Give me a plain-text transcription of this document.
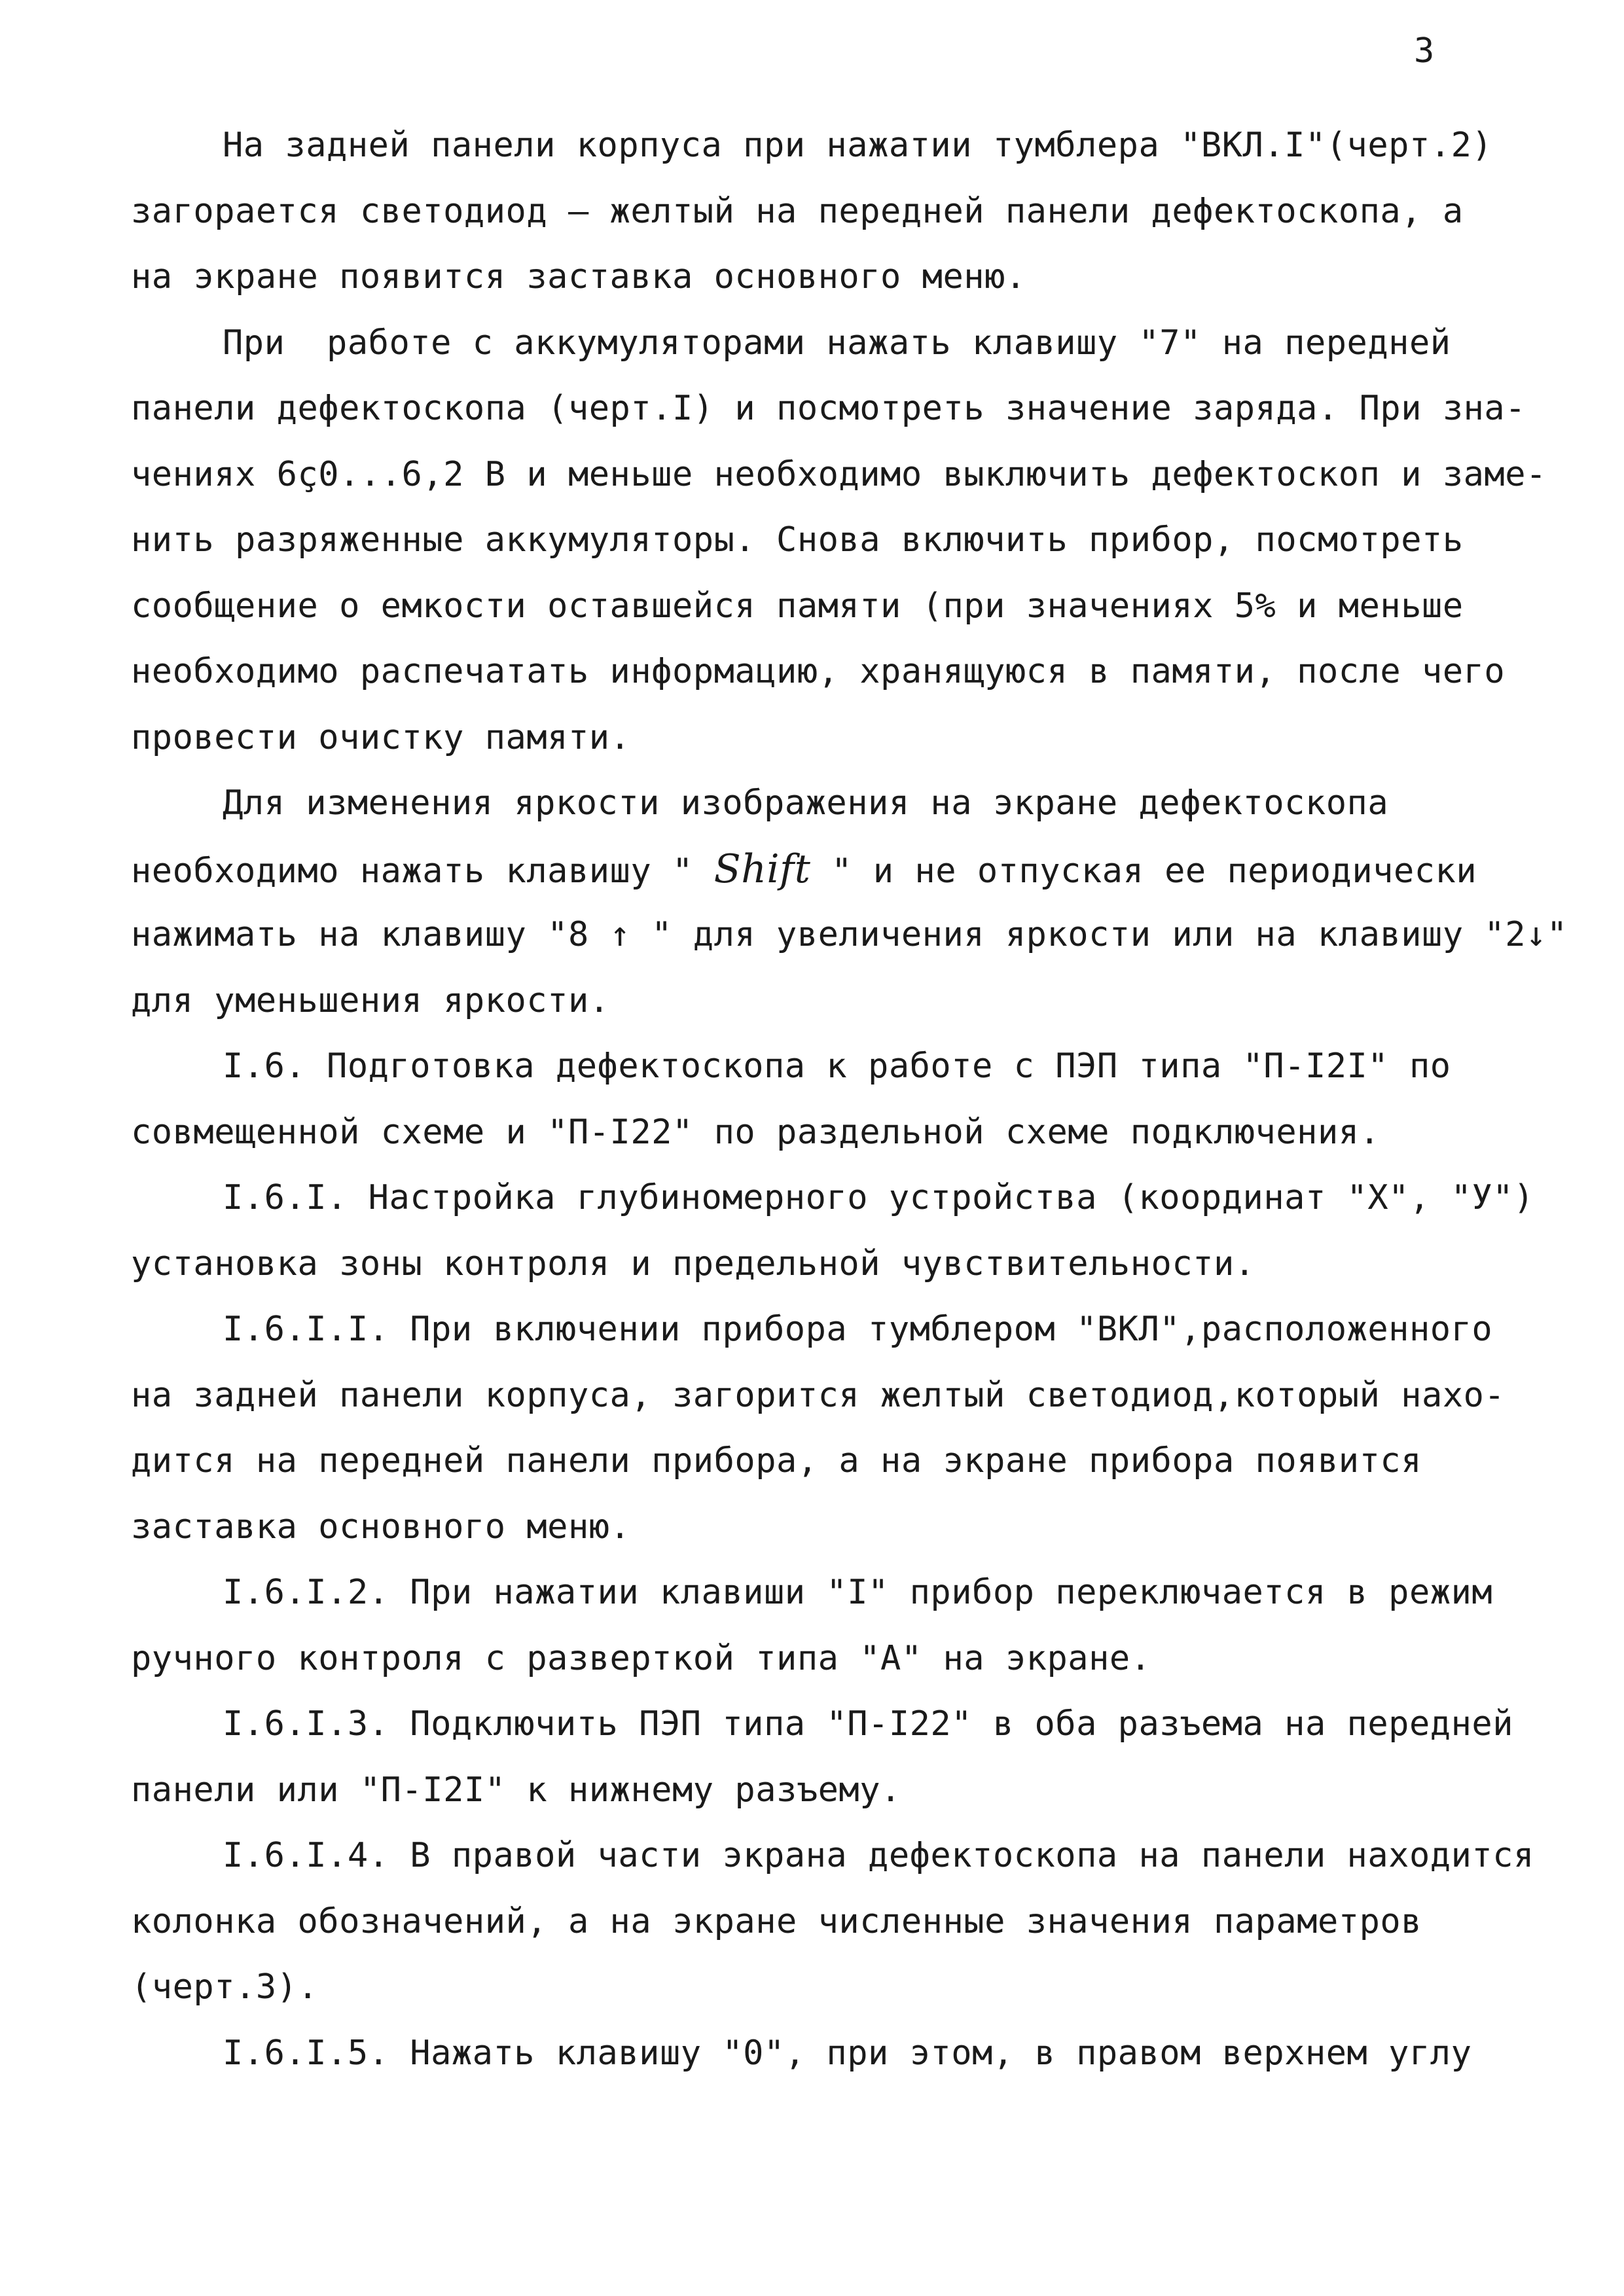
3
На задней панели корпуса при нажатии тумблера "ВКЛ.I"(черт.2)
загорается светодиод – желтый на передней панели дефектоскопа, а
на экране появится заставка основного меню.
При  работе с аккумуляторами нажать клавишу "7" на передней
панели дефектоскопа (черт.I) и посмотреть значение заряда. При зна-
чениях 6ç0...6,2 В и меньше необходимо выключить дефектоскоп и заме-
нить разряженные аккумуляторы. Снова включить прибор, посмотреть
сообщение о емкости оставшейся памяти (при значениях 5% и меньше
необходимо распечатать информацию, хранящуюся в памяти, после чего
провести очистку памяти.
Для изменения яркости изображения на экране дефектоскопа
необходимо нажать клавишу " Shift " и не отпуская ее периодически
нажимать на клавишу "8 ↑ " для увеличения яркости или на клавишу "2↓"
для уменьшения яркости.
I.6. Подготовка дефектоскопа к работе с ПЭП типа "П-I2I" по
совмещенной схеме и "П-I22" по раздельной схеме подключения.
I.6.I. Настройка глубиномерного устройства (координат "Х", "У")
установка зоны контроля и предельной чувствительности.
I.6.I.I. При включении прибора тумблером "ВКЛ",расположенного
на задней панели корпуса, загорится желтый светодиод,который нахо-
дится на передней панели прибора, а на экране прибора появится
заставка основного меню.
I.6.I.2. При нажатии клавиши "I" прибор переключается в режим
ручного контроля с разверткой типа "А" на экране.
I.6.I.3. Подключить ПЭП типа "П-I22" в оба разъема на передней
панели или "П-I2I" к нижнему разъему.
I.6.I.4. В правой части экрана дефектоскопа на панели находится
колонка обозначений, а на экране численные значения параметров
(черт.3).
I.6.I.5. Нажать клавишу "0", при этом, в правом верхнем углу
